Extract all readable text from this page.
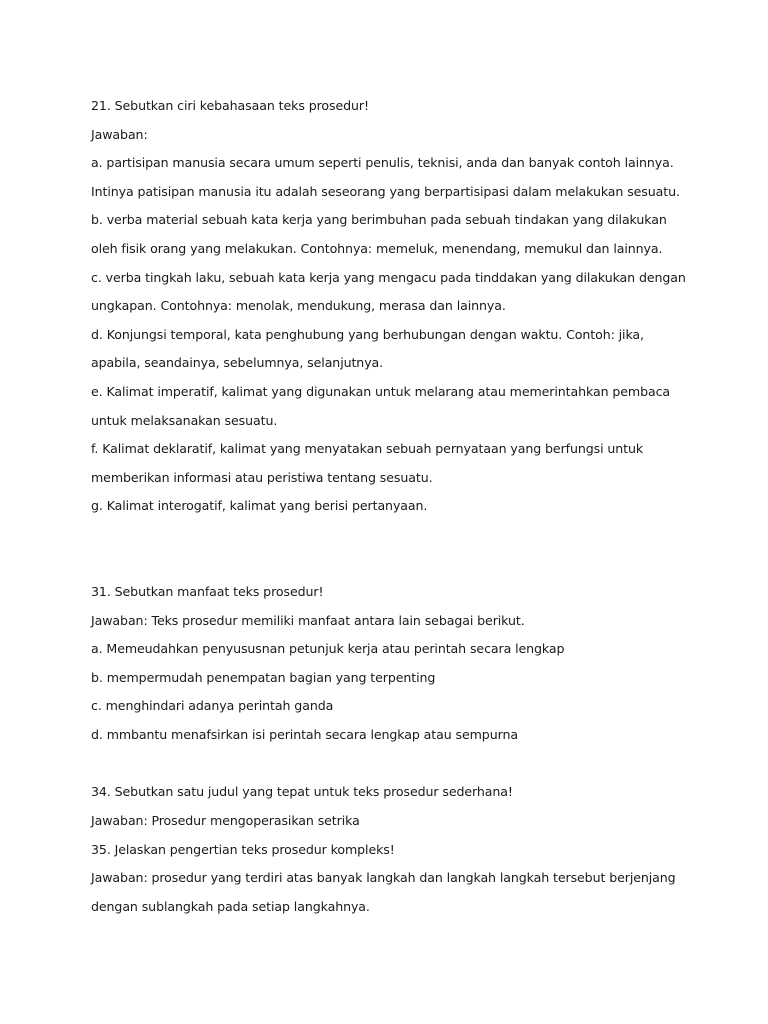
21. Sebutkan ciri kebahasaan teks prosedur!
Jawaban:
a. partisipan manusia secara umum seperti penulis, teknisi, anda dan banyak contoh lainnya.
Intinya patisipan manusia itu adalah seseorang yang berpartisipasi dalam melakukan sesuatu.
b. verba material sebuah kata kerja yang berimbuhan pada sebuah tindakan yang dilakukan
oleh fisik orang yang melakukan. Contohnya: memeluk, menendang, memukul dan lainnya.
c. verba tingkah laku, sebuah kata kerja yang mengacu pada tinddakan yang dilakukan dengan
ungkapan. Contohnya: menolak, mendukung, merasa dan lainnya.
d. Konjungsi temporal, kata penghubung yang berhubungan dengan waktu. Contoh: jika,
apabila, seandainya, sebelumnya, selanjutnya.
e. Kalimat imperatif, kalimat yang digunakan untuk melarang atau memerintahkan pembaca
untuk melaksanakan sesuatu.
f. Kalimat deklaratif, kalimat yang menyatakan sebuah pernyataan yang berfungsi untuk
memberikan informasi atau peristiwa tentang sesuatu.
g. Kalimat interogatif, kalimat yang berisi pertanyaan.
31. Sebutkan manfaat teks prosedur!
Jawaban: Teks prosedur memiliki manfaat antara lain sebagai berikut.
a. Memeudahkan penyususnan petunjuk kerja atau perintah secara lengkap
b. mempermudah penempatan bagian yang terpenting
c. menghindari adanya perintah ganda
d. mmbantu menafsirkan isi perintah secara lengkap atau sempurna
34. Sebutkan satu judul yang tepat untuk teks prosedur sederhana!
Jawaban: Prosedur mengoperasikan setrika
35. Jelaskan pengertian teks prosedur kompleks!
Jawaban: prosedur yang terdiri atas banyak langkah dan langkah langkah tersebut berjenjang
dengan sublangkah pada setiap langkahnya.
